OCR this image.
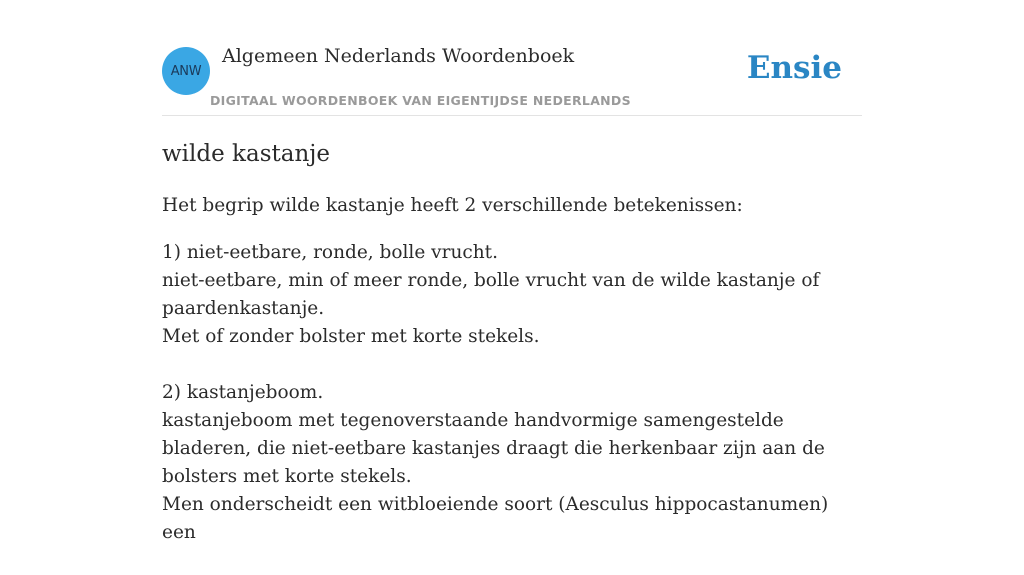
ANW
Algemeen Nederlands Woordenboek
DIGITAAL WOORDENBOEK VAN EIGENTIJDSE NEDERLANDS
Ensie
wilde kastanje

Het begrip wilde kastanje heeft 2 verschillende betekenissen:

1) niet-eetbare, ronde, bolle vrucht.

niet-eetbare, min of meer ronde, bolle vrucht van de wilde kastanje of paardenkastanje.

Met of zonder bolster met korte stekels.

2) kastanjeboom.

kastanjeboom met tegenoverstaande handvormige samengestelde bladeren, die niet-eetbare kastanjes draagt die herkenbaar zijn aan de bolsters met korte stekels.

Men onderscheidt een witbloeiende soort (Aesculus hippocastanumen) een
